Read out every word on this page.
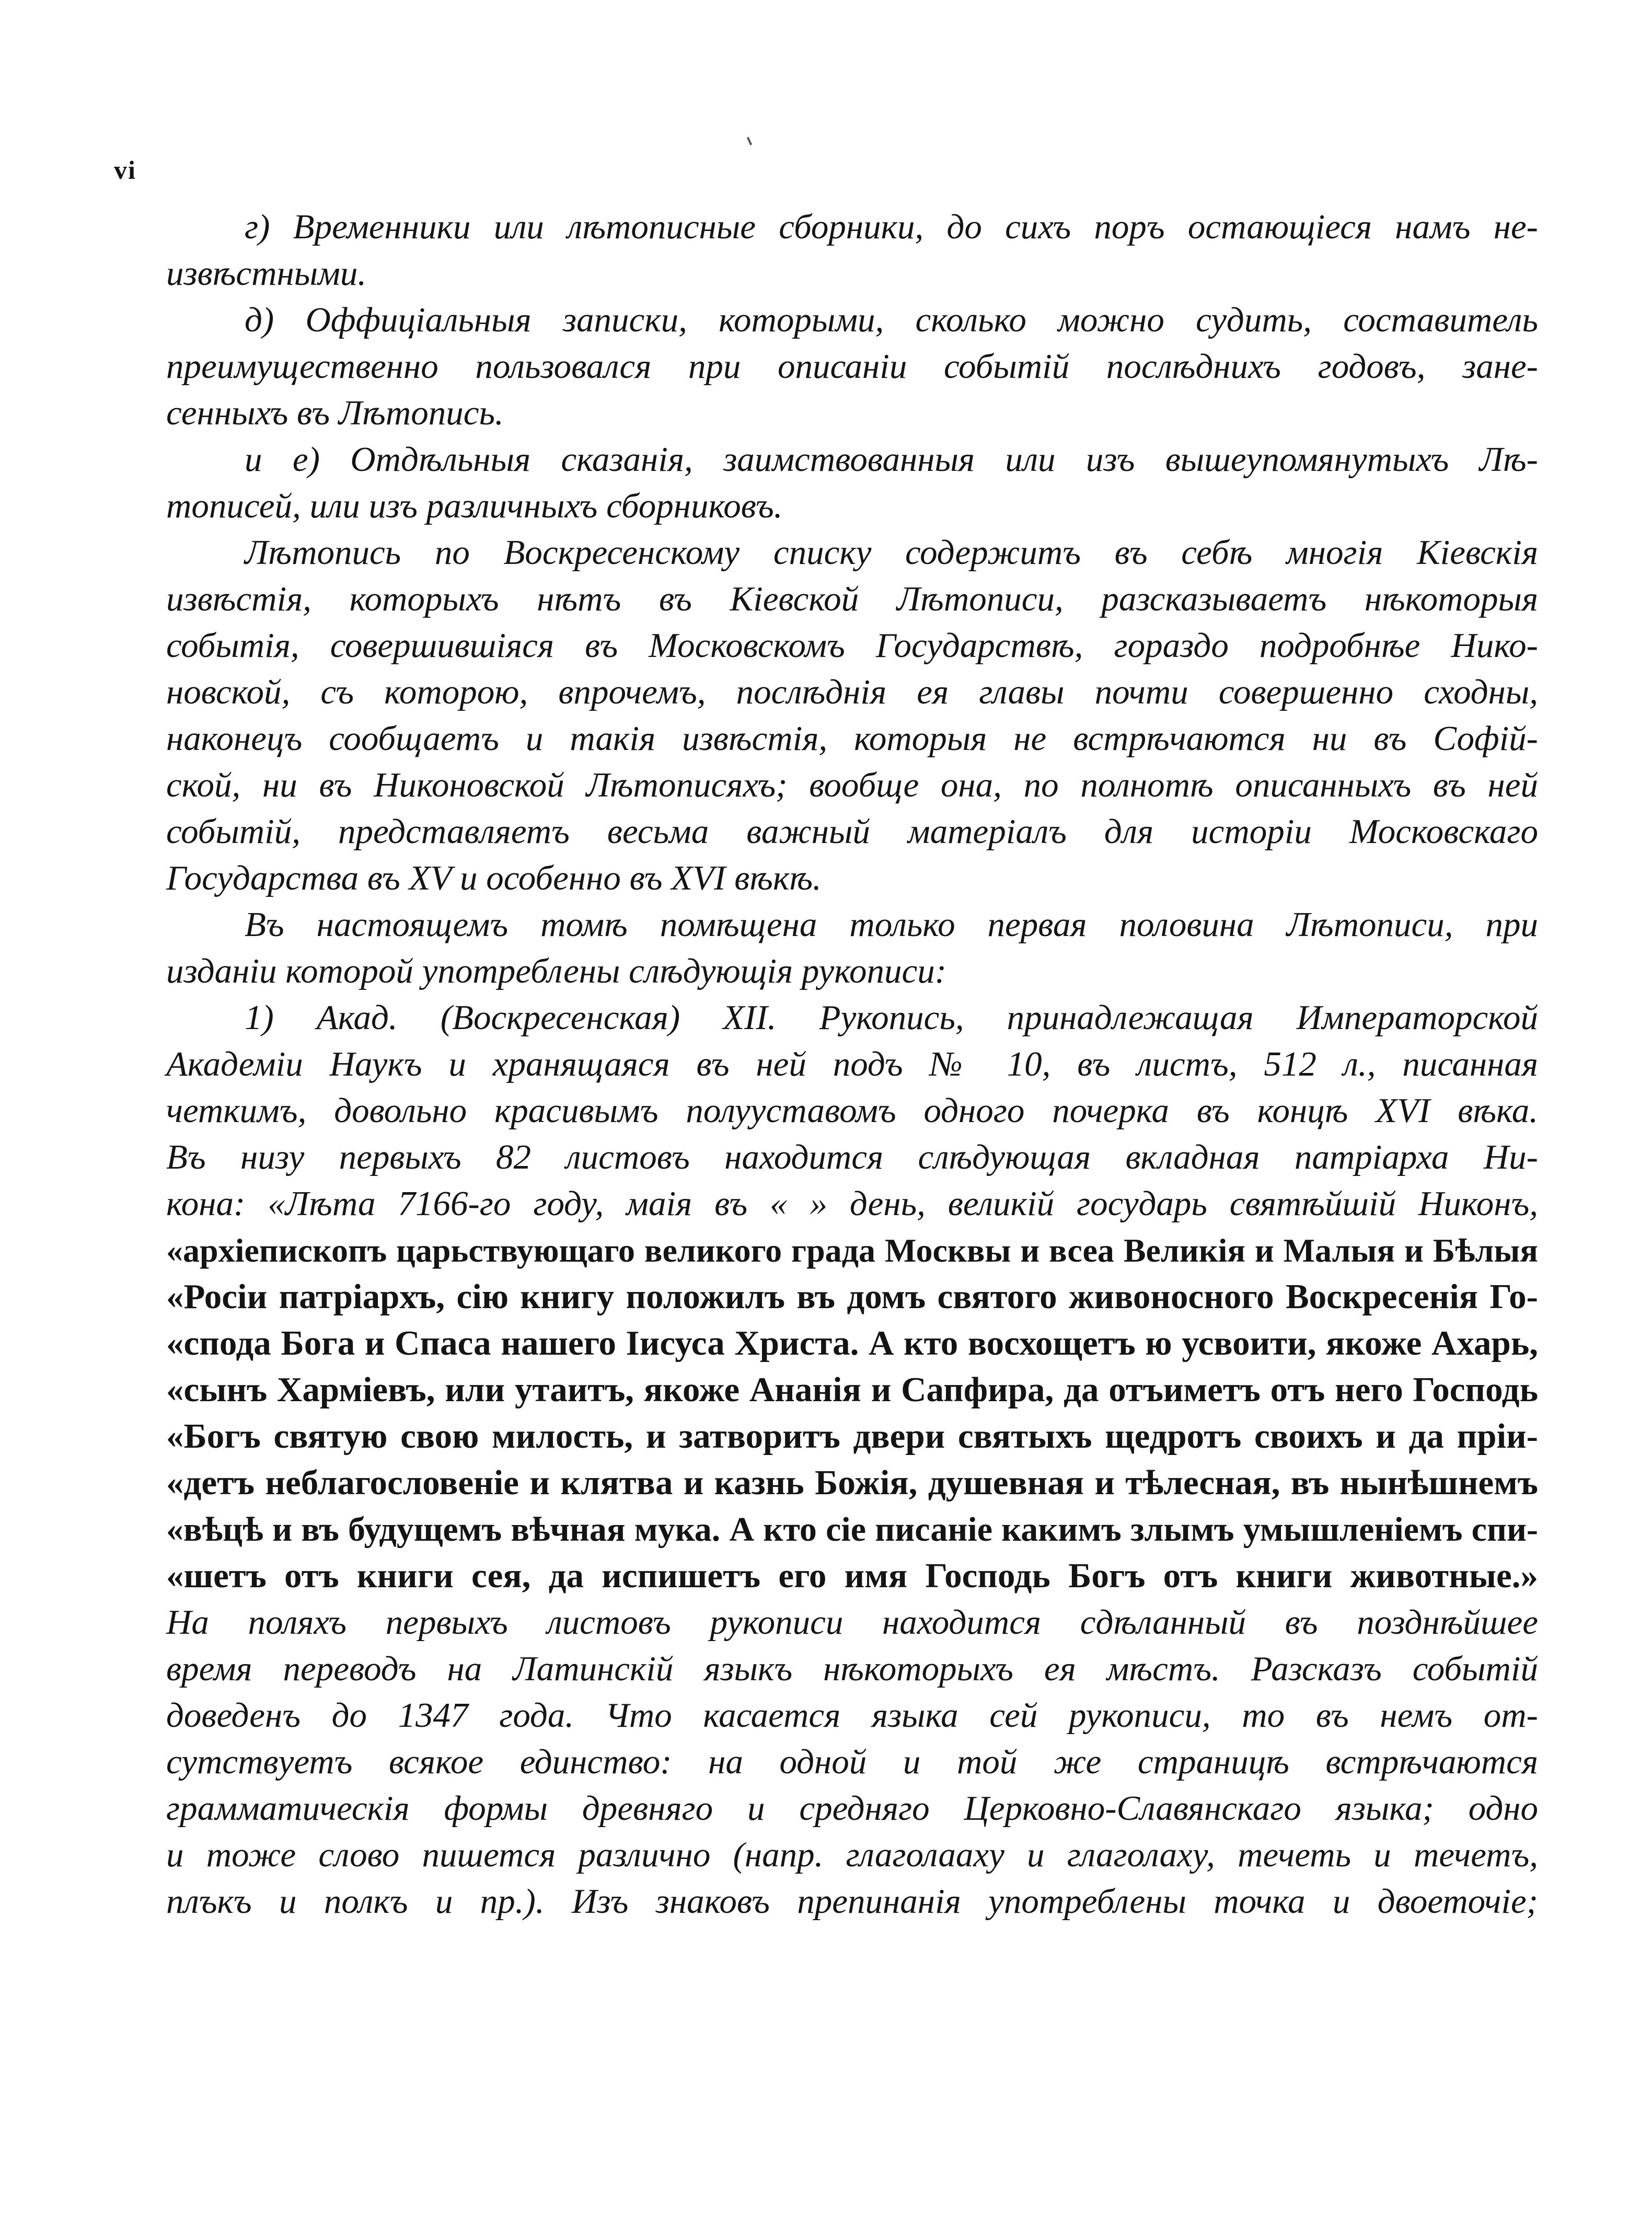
vi
г) Временники или лѣтописные сборники, до сихъ поръ остающіеся намъ не-
извѣстными.
д) Оффиціальныя записки, которыми, сколько можно судить, составитель
преимущественно пользовался при описаніи событій послѣднихъ годовъ, зане-
сенныхъ въ Лѣтопись.
и е) Отдѣльныя сказанія, заимствованныя или изъ вышеупомянутыхъ Лѣ-
тописей, или изъ различныхъ сборниковъ.
Лѣтопись по Воскресенскому списку содержитъ въ себѣ многія Кіевскія
извѣстія, которыхъ нѣтъ въ Кіевской Лѣтописи, разсказываетъ нѣкоторыя
событія, совершившіяся въ Московскомъ Государствѣ, гораздо подробнѣе Нико-
новской, съ которою, впрочемъ, послѣднія ея главы почти совершенно сходны,
наконецъ сообщаетъ и такія извѣстія, которыя не встрѣчаются ни въ Софій-
ской, ни въ Никоновской Лѣтописяхъ; вообще она, по полнотѣ описанныхъ въ ней
событій, представляетъ весьма важный матеріалъ для исторіи Московскаго
Государства въ XV и особенно въ XVI вѣкѣ.
Въ настоящемъ томѣ помѣщена только первая половина Лѣтописи, при
изданіи которой употреблены слѣдующія рукописи:
1) Акад. (Воскресенская) XII. Рукопись, принадлежащая Императорской
Академіи Наукъ и хранящаяся въ ней подъ № 10, въ листъ, 512 л., писанная
четкимъ, довольно красивымъ полууставомъ одного почерка въ концѣ XVI вѣка.
Въ низу первыхъ 82 листовъ находится слѣдующая вкладная патріарха Ни-
кона: «Лѣта 7166-го году, маія въ « » день, великій государь святѣйшій Никонъ,
«архіепископъ царьствующаго великого града Москвы и всеа Великія и Малыя и Бѣлыя
«Росіи патріархъ, сію книгу положилъ въ домъ святого живоносного Воскресенія Го-
«спода Бога и Спаса нашего Іисуса Христа. А кто восхощетъ ю усвоити, якоже Ахарь,
«сынъ Харміевъ, или утаитъ, якоже Ананія и Сапфира, да отъиметъ отъ него Господь
«Богъ святую свою милость, и затворитъ двери святыхъ щедротъ своихъ и да пріи-
«детъ неблагословеніе и клятва и казнь Божія, душевная и тѣлесная, въ нынѣшнемъ
«вѣцѣ и въ будущемъ вѣчная мука. А кто сіе писаніе какимъ злымъ умышленіемъ спи-
«шетъ отъ книги сея, да испишетъ его имя Господь Богъ отъ книги животные.»
На поляхъ первыхъ листовъ рукописи находится сдѣланный въ позднѣйшее
время переводъ на Латинскій языкъ нѣкоторыхъ ея мѣстъ. Разсказъ событій
доведенъ до 1347 года. Что касается языка сей рукописи, то въ немъ от-
сутствуетъ всякое единство: на одной и той же страницѣ встрѣчаются
грамматическія формы древняго и средняго Церковно-Славянскаго языка; одно
и тоже слово пишется различно (напр. глаголааху и глаголаху, течеть и течетъ,
плъкъ и полкъ и пр.). Изъ знаковъ препинанія употреблены точка и двоеточіе;
